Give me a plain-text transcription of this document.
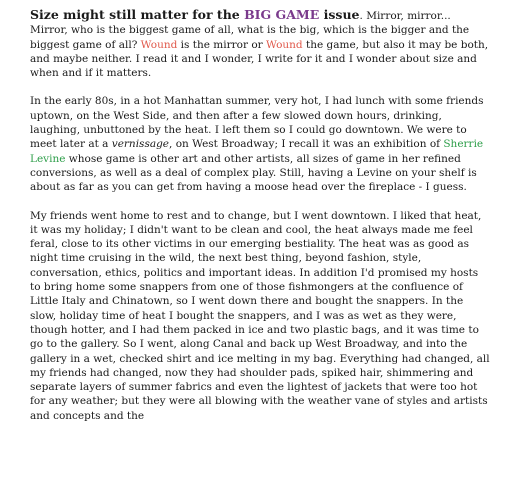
Size might still matter for the BIG GAME issue. Mirror, mirror... Mirror, who is the biggest game of all, what is the big, which is the bigger and the biggest game of all? Wound is the mirror or Wound the game, but also it may be both, and maybe neither. I read it and I wonder, I write for it and I wonder about size and when and if it matters.

In the early 80s, in a hot Manhattan summer, very hot, I had lunch with some friends uptown, on the West Side, and then after a few slowed down hours, drinking, laughing, unbuttoned by the heat. I left them so I could go downtown. We were to meet later at a vernissage, on West Broadway; I recall it was an exhibition of Sherrie Levine whose game is other art and other artists, all sizes of game in her refined conversions, as well as a deal of complex play. Still, having a Levine on your shelf is about as far as you can get from having a moose head over the fireplace - I guess.

My friends went home to rest and to change, but I went downtown. I liked that heat, it was my holiday; I didn't want to be clean and cool, the heat always made me feel feral, close to its other victims in our emerging bestiality. The heat was as good as night time cruising in the wild, the next best thing, beyond fashion, style, conversation, ethics, politics and important ideas. In addition I'd promised my hosts to bring home some snappers from one of those fishmongers at the confluence of Little Italy and Chinatown, so I went down there and bought the snappers. In the slow, holiday time of heat I bought the snappers, and I was as wet as they were, though hotter, and I had them packed in ice and two plastic bags, and it was time to go to the gallery. So I went, along Canal and back up West Broadway, and into the gallery in a wet, checked shirt and ice melting in my bag. Everything had changed, all my friends had changed, now they had shoulder pads, spiked hair, shimmering and separate layers of summer fabrics and even the lightest of jackets that were too hot for any weather; but they were all blowing with the weather vane of styles and artists and concepts and the
